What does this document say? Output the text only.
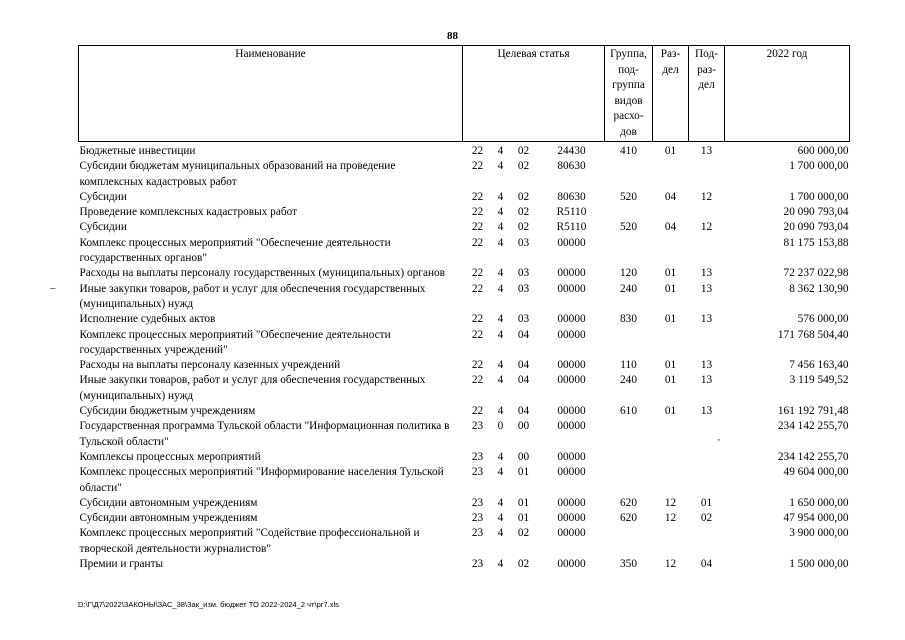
88
‒
'
Наименование	Целевая статья				Группа, под- группа видов расхо- дов	Раз- дел	Под- раз- дел	2022 год
Бюджетные инвестиции	22	4	02	24430	410	01	13	600 000,00
Субсидии бюджетам муниципальных образований на проведение комплексных кадастровых работ	22	4	02	80630				1 700 000,00
Субсидии	22	4	02	80630	520	04	12	1 700 000,00
Проведение комплексных кадастровых работ	22	4	02	R5110				20 090 793,04
Субсидии	22	4	02	R5110	520	04	12	20 090 793,04
Комплекс процессных мероприятий "Обеспечение деятельности государственных органов"	22	4	03	00000				81 175 153,88
Расходы на выплаты персоналу государственных (муниципальных) органов	22	4	03	00000	120	01	13	72 237 022,98
Иные закупки товаров, работ и услуг для обеспечения государственных (муниципальных) нужд	22	4	03	00000	240	01	13	8 362 130,90
Исполнение судебных актов	22	4	03	00000	830	01	13	576 000,00
Комплекс процессных мероприятий "Обеспечение деятельности государственных учреждений"	22	4	04	00000				171 768 504,40
Расходы на выплаты персоналу казенных учреждений	22	4	04	00000	110	01	13	7 456 163,40
Иные закупки товаров, работ и услуг для обеспечения государственных (муниципальных) нужд	22	4	04	00000	240	01	13	3 119 549,52
Субсидии бюджетным учреждениям	22	4	04	00000	610	01	13	161 192 791,48
Государственная программа Тульской области "Информационная политика в Тульской области"	23	0	00	00000				234 142 255,70
Комплексы процессных мероприятий	23	4	00	00000				234 142 255,70
Комплекс процессных мероприятий "Информирование населения Тульской области"	23	4	01	00000				49 604 000,00
Субсидии автономным учреждениям	23	4	01	00000	620	12	01	1 650 000,00
Субсидии автономным учреждениям	23	4	01	00000	620	12	02	47 954 000,00
Комплекс процессных мероприятий "Содействие профессиональной и творческой деятельности журналистов"	23	4	02	00000				3 900 000,00
Премии и гранты	23	4	02	00000	350	12	04	1 500 000,00
D:\Г\Д7\2022\ЗАКОНЫ\ЗАС_38\Зак_изм. бюджет ТО 2022-2024_2 чт\рг7.xls
